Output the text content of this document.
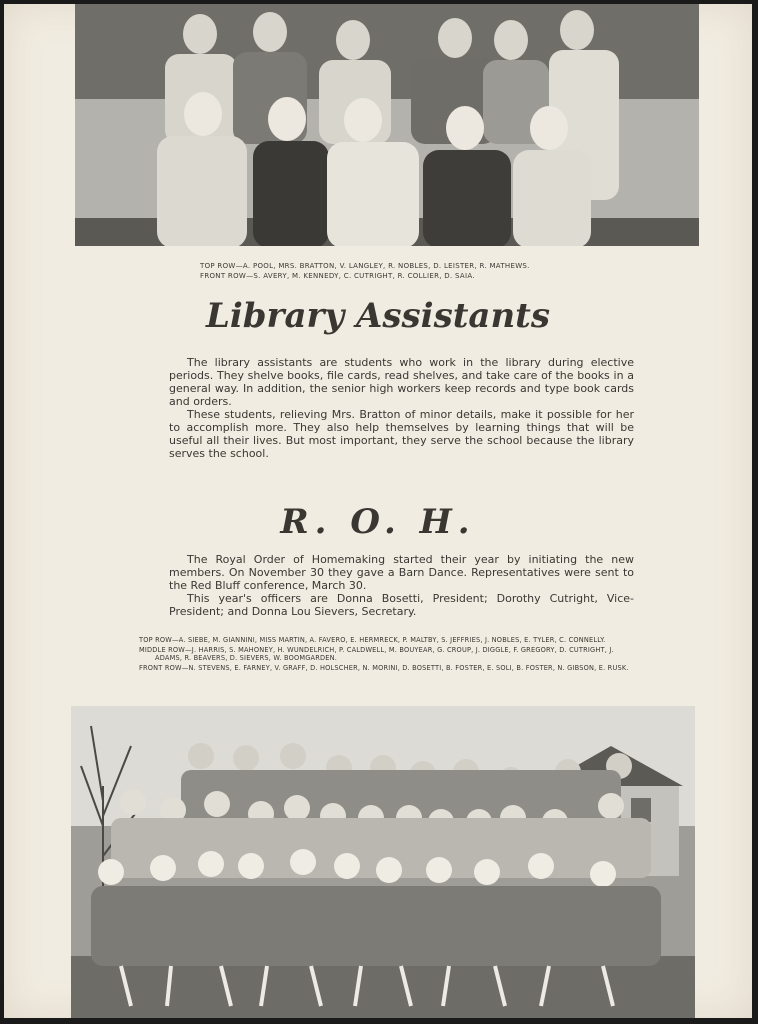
TOP ROW—A. POOL, MRS. BRATTON, V. LANGLEY, R. NOBLES, D. LEISTER, R. MATHEWS.

FRONT ROW—S. AVERY, M. KENNEDY, C. CUTRIGHT, R. COLLIER, D. SAIA.

Library Assistants
The library assistants are students who work in the library during elective periods. They shelve books, file cards, read shelves, and take care of the books in a general way. In addition, the senior high workers keep records and type book cards and orders.
These students, relieving Mrs. Bratton of minor details, make it possible for her to accomplish more. They also help themselves by learning things that will be useful all their lives. But most important, they serve the school because the library serves the school.
R. O. H.
The Royal Order of Homemaking started their year by initiating the new members. On November 30 they gave a Barn Dance. Representatives were sent to the Red Bluff conference, March 30.
This year's officers are Donna Bosetti, President; Dorothy Cutright, Vice-President; and Donna Lou Sievers, Secretary.
TOP ROW—A. SIEBE, M. GIANNINI, MISS MARTIN, A. FAVERO, E. HERMRECK, P. MALTBY, S. JEFFRIES, J. NOBLES, E. TYLER, C. CONNELLY.
MIDDLE ROW—J. HARRIS, S. MAHONEY, H. WUNDELRICH, P. CALDWELL, M. BOUYEAR, G. CROUP, J. DIGGLE, F. GREGORY, D. CUTRIGHT, J. ADAMS, R. BEAVERS, D. SIEVERS, W. BOOMGARDEN.
FRONT ROW—N. STEVENS, E. FARNEY, V. GRAFF, D. HOLSCHER, N. MORINI, D. BOSETTI, B. FOSTER, E. SOLI, B. FOSTER, N. GIBSON, E. RUSK.
